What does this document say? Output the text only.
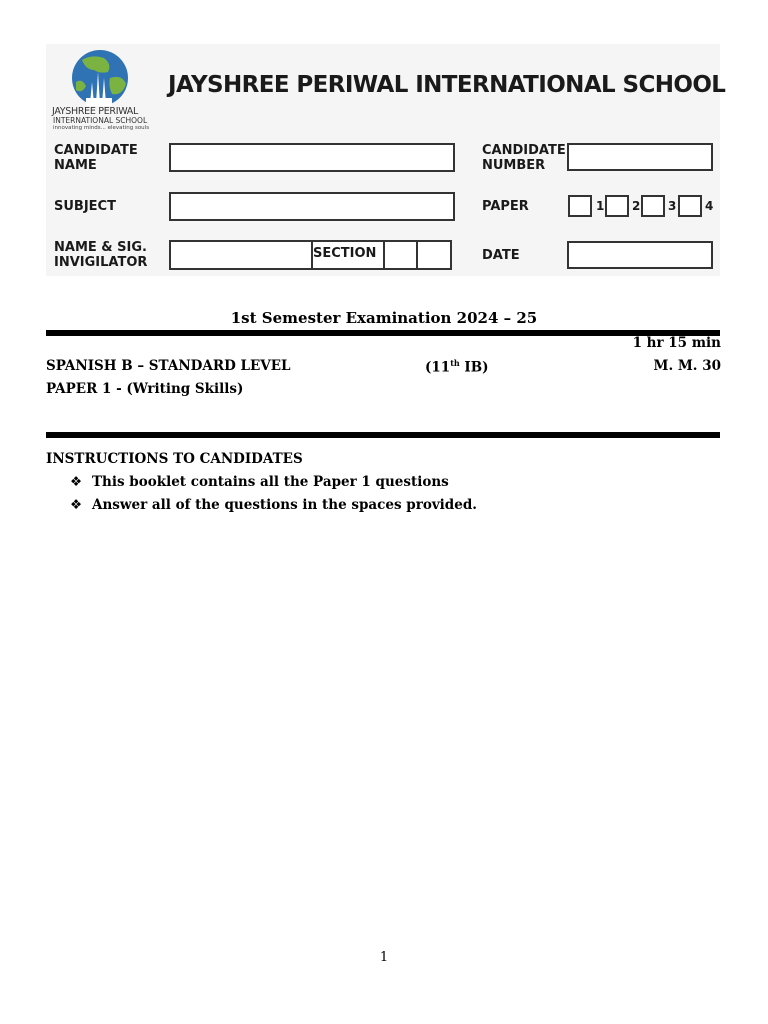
JAYSHREE PERIWAL
INTERNATIONAL SCHOOL
innovating minds... elevating souls
JAYSHREE PERIWAL INTERNATIONAL SCHOOL
CANDIDATE
NAME
CANDIDATE
NUMBER
SUBJECT	PAPER	1 2 3 4
NAME & SIG.
INVIGILATOR
SECTION	DATE
1st Semester Examination 2024 – 25
1 hr 15 min
SPANISH B – STANDARD LEVEL	(11th IB)	M. M. 30
PAPER 1 - (Writing Skills)
INSTRUCTIONS TO CANDIDATES
❖ This booklet contains all the Paper 1 questions
❖ Answer all of the questions in the spaces provided.
1
